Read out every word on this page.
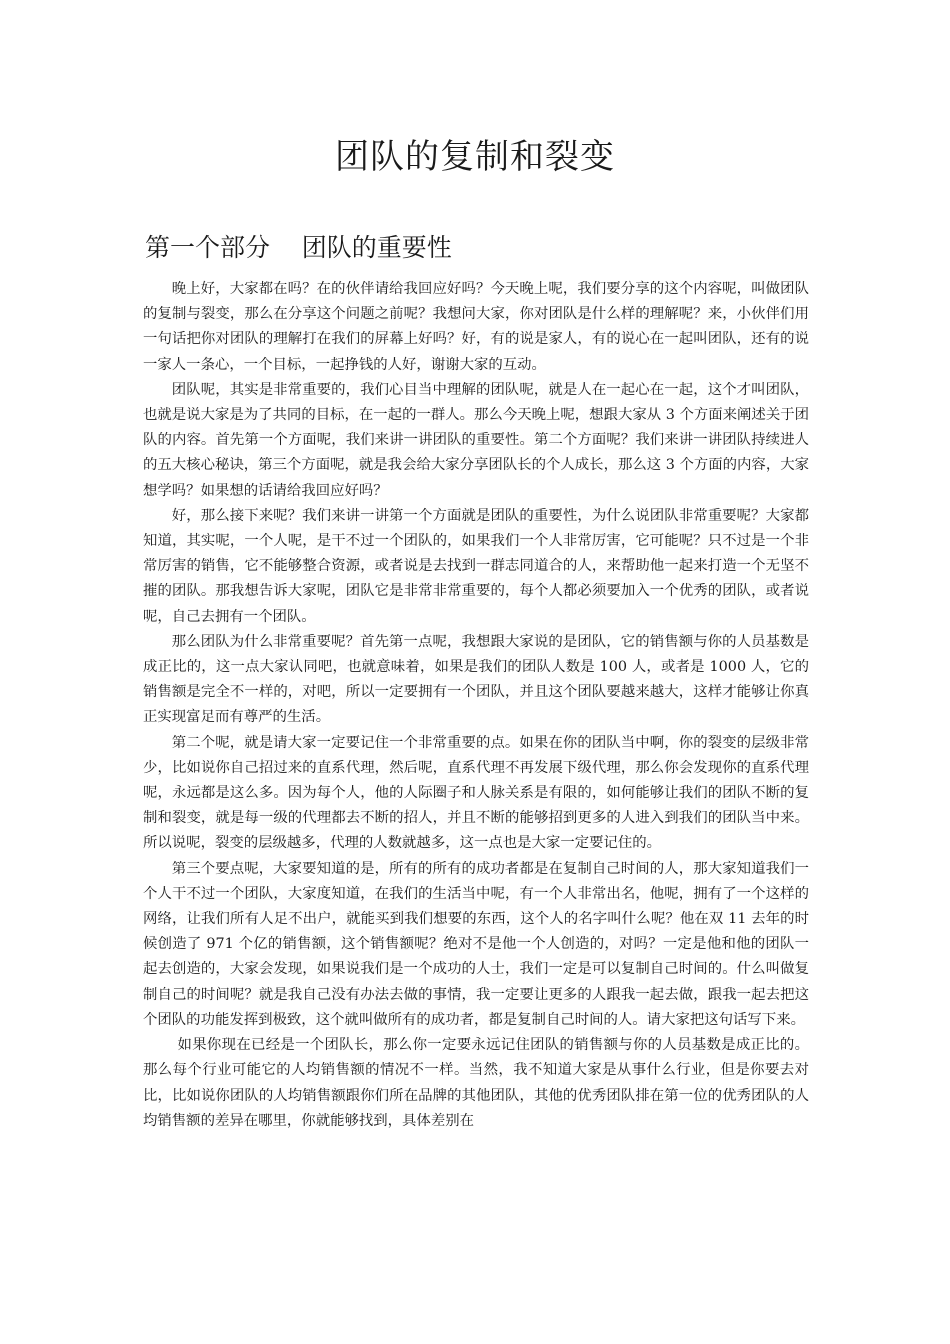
团队的复制和裂变
第一个部分    团队的重要性

晚上好，大家都在吗？在的伙伴请给我回应好吗？今天晚上呢，我们要分享的这个内容呢，叫做团队的复制与裂变，那么在分享这个问题之前呢？我想问大家，你对团队是什么样的理解呢？来，小伙伴们用一句话把你对团队的理解打在我们的屏幕上好吗？好，有的说是家人，有的说心在一起叫团队，还有的说一家人一条心，一个目标，一起挣钱的人好，谢谢大家的互动。

团队呢，其实是非常重要的，我们心目当中理解的团队呢，就是人在一起心在一起，这个才叫团队，也就是说大家是为了共同的目标，在一起的一群人。那么今天晚上呢，想跟大家从 3 个方面来阐述关于团队的内容。首先第一个方面呢，我们来讲一讲团队的重要性。第二个方面呢？我们来讲一讲团队持续进人的五大核心秘诀，第三个方面呢，就是我会给大家分享团队长的个人成长，那么这 3 个方面的内容，大家想学吗？如果想的话请给我回应好吗？

好，那么接下来呢？我们来讲一讲第一个方面就是团队的重要性，为什么说团队非常重要呢？大家都知道，其实呢，一个人呢，是干不过一个团队的，如果我们一个人非常厉害，它可能呢？只不过是一个非常厉害的销售，它不能够整合资源，或者说是去找到一群志同道合的人，来帮助他一起来打造一个无坚不摧的团队。那我想告诉大家呢，团队它是非常非常重要的，每个人都必须要加入一个优秀的团队，或者说呢，自己去拥有一个团队。

那么团队为什么非常重要呢？首先第一点呢，我想跟大家说的是团队，它的销售额与你的人员基数是成正比的，这一点大家认同吧，也就意味着，如果是我们的团队人数是 100 人，或者是 1000 人，它的销售额是完全不一样的，对吧，所以一定要拥有一个团队，并且这个团队要越来越大，这样才能够让你真正实现富足而有尊严的生活。

第二个呢，就是请大家一定要记住一个非常重要的点。如果在你的团队当中啊，你的裂变的层级非常少，比如说你自己招过来的直系代理，然后呢，直系代理不再发展下级代理，那么你会发现你的直系代理呢，永远都是这么多。因为每个人，他的人际圈子和人脉关系是有限的，如何能够让我们的团队不断的复制和裂变，就是每一级的代理都去不断的招人，并且不断的能够招到更多的人进入到我们的团队当中来。所以说呢，裂变的层级越多，代理的人数就越多，这一点也是大家一定要记住的。

第三个要点呢，大家要知道的是，所有的所有的成功者都是在复制自己时间的人，那大家知道我们一个人干不过一个团队，大家度知道，在我们的生活当中呢，有一个人非常出名，他呢，拥有了一个这样的网络，让我们所有人足不出户，就能买到我们想要的东西，这个人的名字叫什么呢？他在双 11 去年的时候创造了 971 个亿的销售额，这个销售额呢？绝对不是他一个人创造的，对吗？一定是他和他的团队一起去创造的，大家会发现，如果说我们是一个成功的人士，我们一定是可以复制自己时间的。什么叫做复制自己的时间呢？就是我自己没有办法去做的事情，我一定要让更多的人跟我一起去做，跟我一起去把这个团队的功能发挥到极致，这个就叫做所有的成功者，都是复制自己时间的人。请大家把这句话写下来。

如果你现在已经是一个团队长，那么你一定要永远记住团队的销售额与你的人员基数是成正比的。那么每个行业可能它的人均销售额的情况不一样。当然，我不知道大家是从事什么行业，但是你要去对比，比如说你团队的人均销售额跟你们所在品牌的其他团队，其他的优秀团队排在第一位的优秀团队的人均销售额的差异在哪里，你就能够找到，具体差别在
